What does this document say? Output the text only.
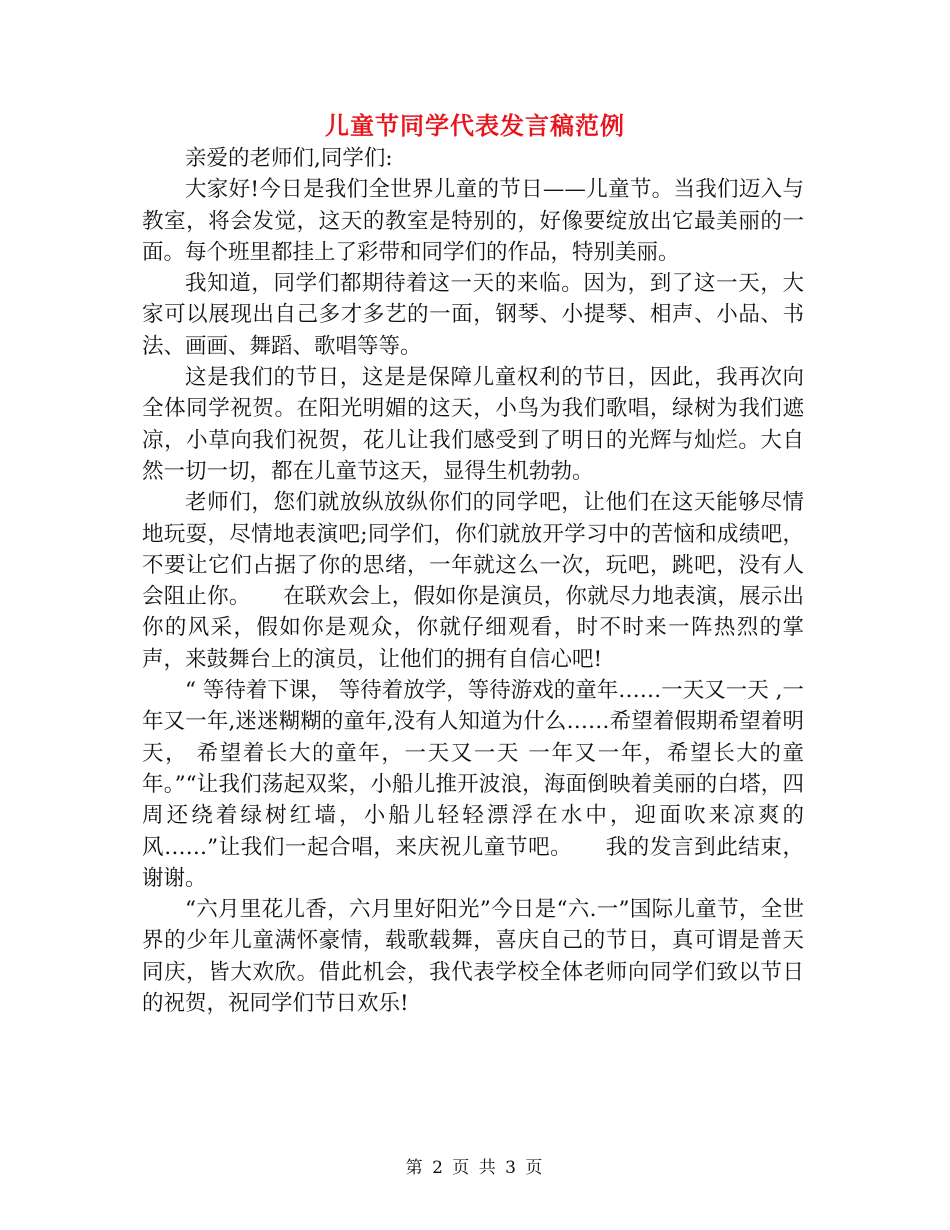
儿童节同学代表发言稿范例

亲爱的老师们,同学们:

大家好!今日是我们全世界儿童的节日——儿童节。当我们迈入与教室，将会发觉，这天的教室是特别的，好像要绽放出它最美丽的一面。每个班里都挂上了彩带和同学们的作品，特别美丽。

我知道，同学们都期待着这一天的来临。因为，到了这一天，大家可以展现出自己多才多艺的一面，钢琴、小提琴、相声、小品、书法、画画、舞蹈、歌唱等等。

这是我们的节日，这是是保障儿童权利的节日，因此，我再次向全体同学祝贺。在阳光明媚的这天，小鸟为我们歌唱，绿树为我们遮凉，小草向我们祝贺，花儿让我们感受到了明日的光辉与灿烂。大自然一切一切，都在儿童节这天，显得生机勃勃。

老师们，您们就放纵放纵你们的同学吧，让他们在这天能够尽情地玩耍，尽情地表演吧;同学们，你们就放开学习中的苦恼和成绩吧，不要让它们占据了你的思绪，一年就这么一次，玩吧，跳吧，没有人会阻止你。　　在联欢会上，假如你是演员，你就尽力地表演，展示出你的风采，假如你是观众，你就仔细观看，时不时来一阵热烈的掌声，来鼓舞台上的演员，让他们的拥有自信心吧!

“ 等待着下课， 等待着放学，等待游戏的童年……一天又一天 ,一年又一年,迷迷糊糊的童年,没有人知道为什么……希望着假期希望着明天， 希望着长大的童年，一天又一天 一年又一年，希望长大的童年。”“让我们荡起双桨，小船儿推开波浪，海面倒映着美丽的白塔，四周还绕着绿树红墙，小船儿轻轻漂浮在水中，迎面吹来凉爽的风……”让我们一起合唱，来庆祝儿童节吧。　　我的发言到此结束，谢谢。

“六月里花儿香，六月里好阳光”今日是“六.一”国际儿童节，全世界的少年儿童满怀豪情，载歌载舞，喜庆自己的节日，真可谓是普天同庆，皆大欢欣。借此机会，我代表学校全体老师向同学们致以节日的祝贺，祝同学们节日欢乐!

第 2 页 共 3 页
